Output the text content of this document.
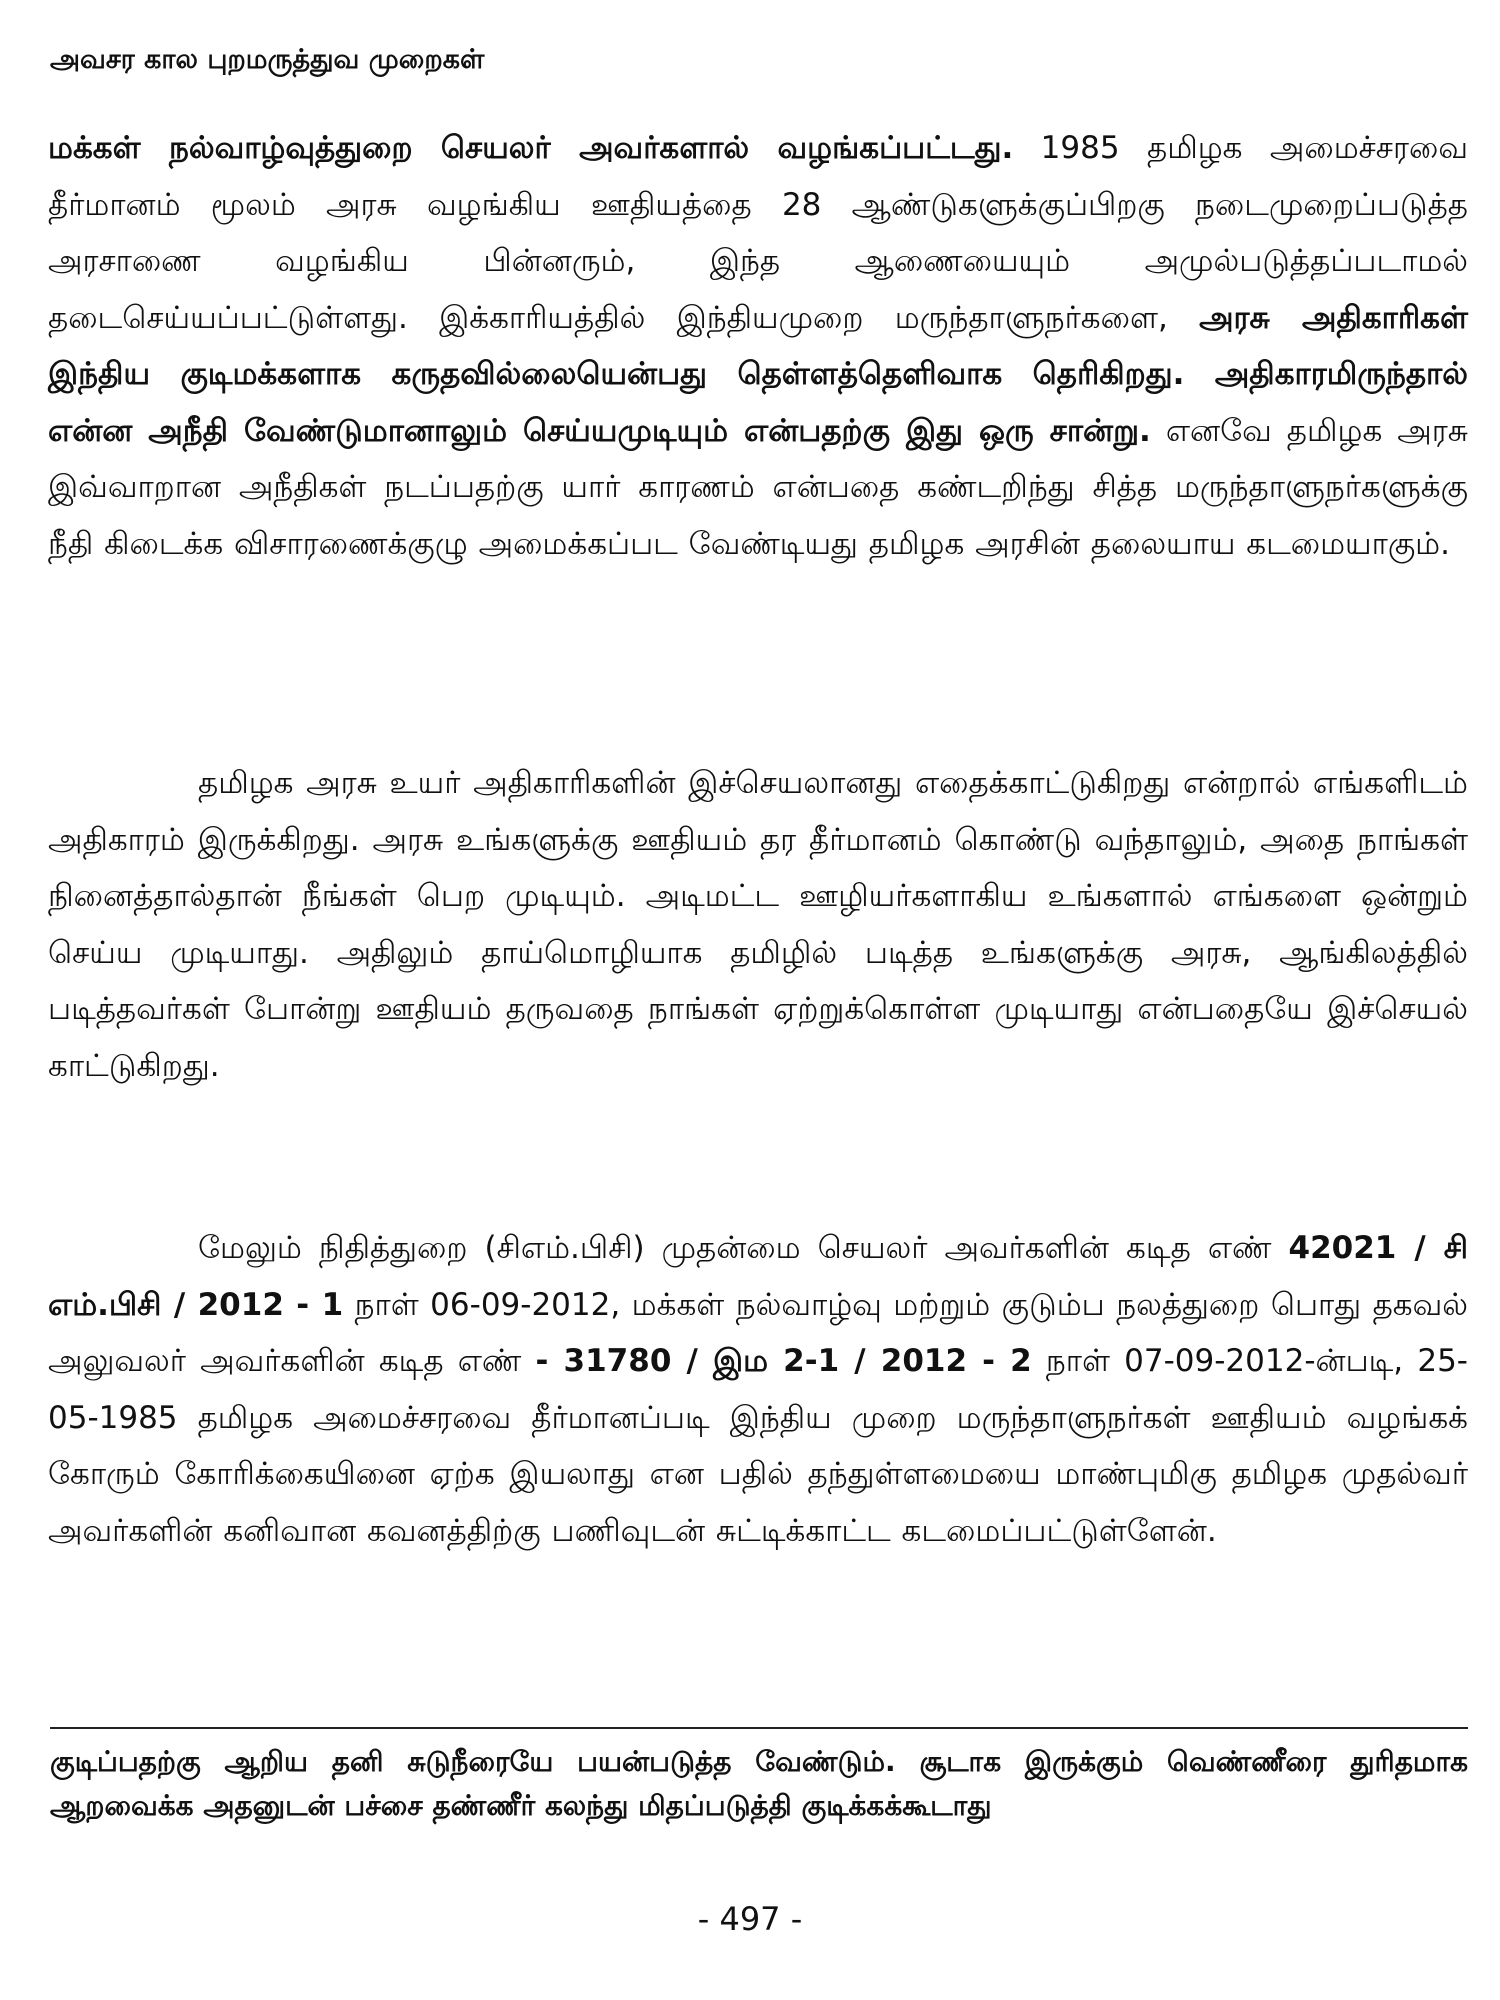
அவசர கால புறமருத்துவ முறைகள்

மக்கள் நல்வாழ்வுத்துறை செயலர் அவர்களால் வழங்கப்பட்டது. 1985 தமிழக அமைச்சரவை தீர்மானம் மூலம் அரசு வழங்கிய ஊதியத்தை 28 ஆண்டுகளுக்குப்பிறகு நடைமுறைப்படுத்த அரசாணை வழங்கிய பின்னரும், இந்த ஆணையையும் அமுல்படுத்தப்படாமல் தடைசெய்யப்பட்டுள்ளது. இக்காரியத்தில் இந்தியமுறை மருந்தாளுநர்களை, அரசு அதிகாரிகள் இந்திய குடிமக்களாக கருதவில்லையென்பது தெள்ளத்தெளிவாக தெரிகிறது. அதிகாரமிருந்தால் என்ன அநீதி வேண்டுமானாலும் செய்யமுடியும் என்பதற்கு இது ஒரு சான்று. எனவே தமிழக அரசு இவ்வாறான அநீதிகள் நடப்பதற்கு யார் காரணம் என்பதை கண்டறிந்து சித்த மருந்தாளுநர்களுக்கு நீதி கிடைக்க விசாரணைக்குழு அமைக்கப்பட வேண்டியது தமிழக அரசின் தலையாய கடமையாகும்.

தமிழக அரசு உயர் அதிகாரிகளின் இச்செயலானது எதைக்காட்டுகிறது என்றால் எங்களிடம் அதிகாரம் இருக்கிறது. அரசு உங்களுக்கு ஊதியம் தர தீர்மானம் கொண்டு வந்தாலும், அதை நாங்கள் நினைத்தால்தான் நீங்கள் பெற முடியும். அடிமட்ட ஊழியர்களாகிய உங்களால் எங்களை ஒன்றும் செய்ய முடியாது. அதிலும் தாய்மொழியாக தமிழில் படித்த உங்களுக்கு அரசு, ஆங்கிலத்தில் படித்தவர்கள் போன்று ஊதியம் தருவதை நாங்கள் ஏற்றுக்கொள்ள முடியாது என்பதையே இச்செயல் காட்டுகிறது.

மேலும் நிதித்துறை (சிஎம்.பிசி) முதன்மை செயலர் அவர்களின் கடித எண் 42021 / சி எம்.பிசி / 2012 - 1 நாள் 06-09-2012, மக்கள் நல்வாழ்வு மற்றும் குடும்ப நலத்துறை பொது தகவல் அலுவலர் அவர்களின் கடித எண் - 31780 / இம 2-1 / 2012 - 2 நாள் 07-09-2012-ன்படி, 25-05-1985 தமிழக அமைச்சரவை தீர்மானப்படி இந்திய முறை மருந்தாளுநர்கள் ஊதியம் வழங்கக் கோரும் கோரிக்கையினை ஏற்க இயலாது என பதில் தந்துள்ளமையை மாண்புமிகு தமிழக முதல்வர் அவர்களின் கனிவான கவனத்திற்கு பணிவுடன் சுட்டிக்காட்ட கடமைப்பட்டுள்ளேன்.

குடிப்பதற்கு ஆறிய தனி சுடுநீரையே பயன்படுத்த வேண்டும். சூடாக இருக்கும் வெண்ணீரை துரிதமாக ஆறவைக்க அதனுடன் பச்சை தண்ணீர் கலந்து மிதப்படுத்தி குடிக்கக்கூடாது

- 497 -
